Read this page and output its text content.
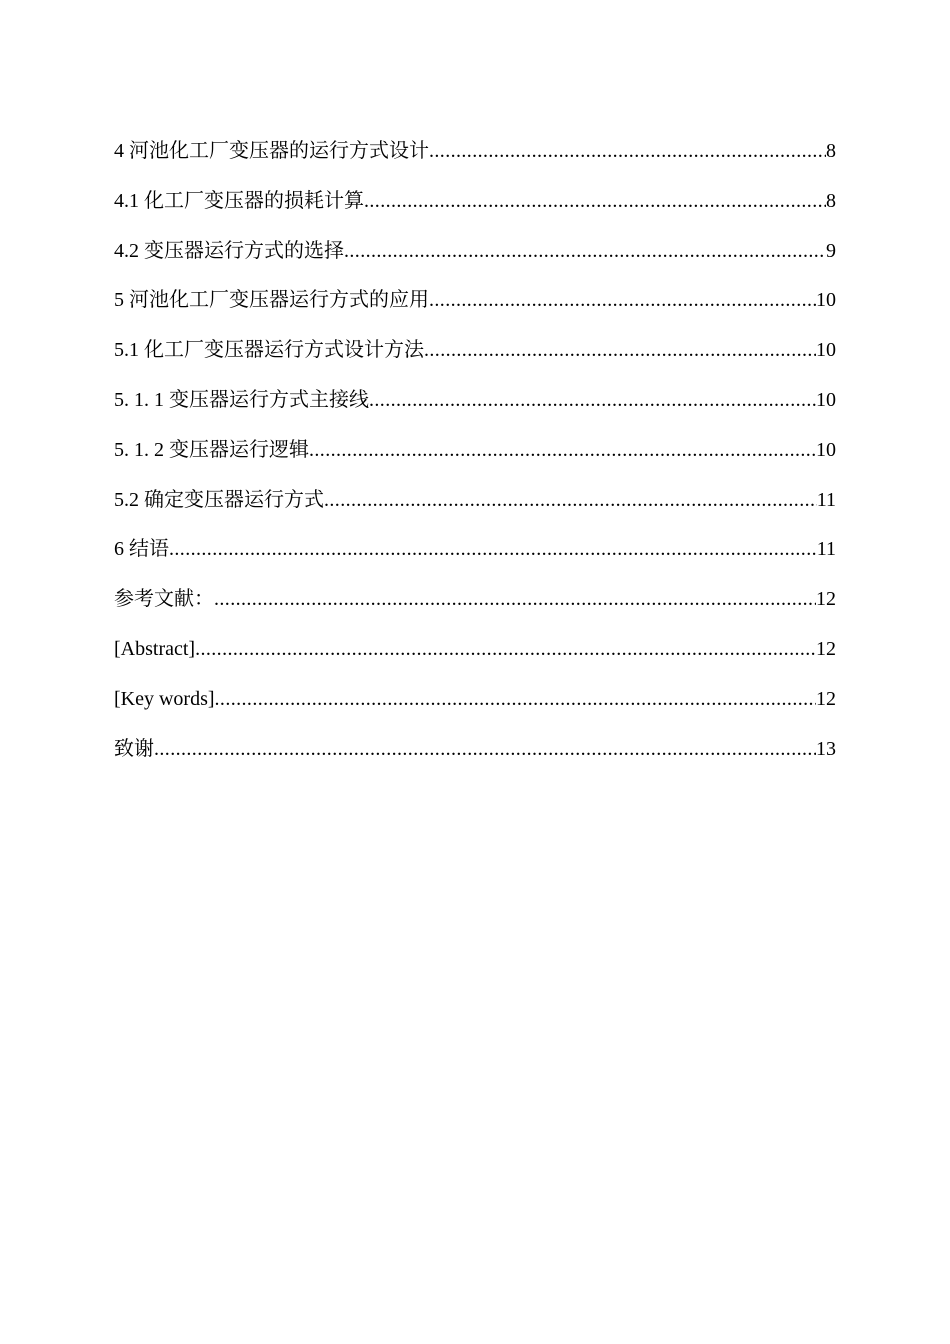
4 河池化工厂变压器的运行方式设计 .....	8
4.1 化工厂变压器的损耗计算 .....	8
4.2 变压器运行方式的选择 .....	9
5 河池化工厂变压器运行方式的应用 .....	10
5.1 化工厂变压器运行方式设计方法 .....	10
5. 1. 1 变压器运行方式主接线 .....	10
5. 1. 2 变压器运行逻辑 .....	10
5.2 确定变压器运行方式 .....	11
6 结语 .....	11
参考文献： .....	12
[Abstract] .....	12
[Key words] .....	12
致谢 .....	13
